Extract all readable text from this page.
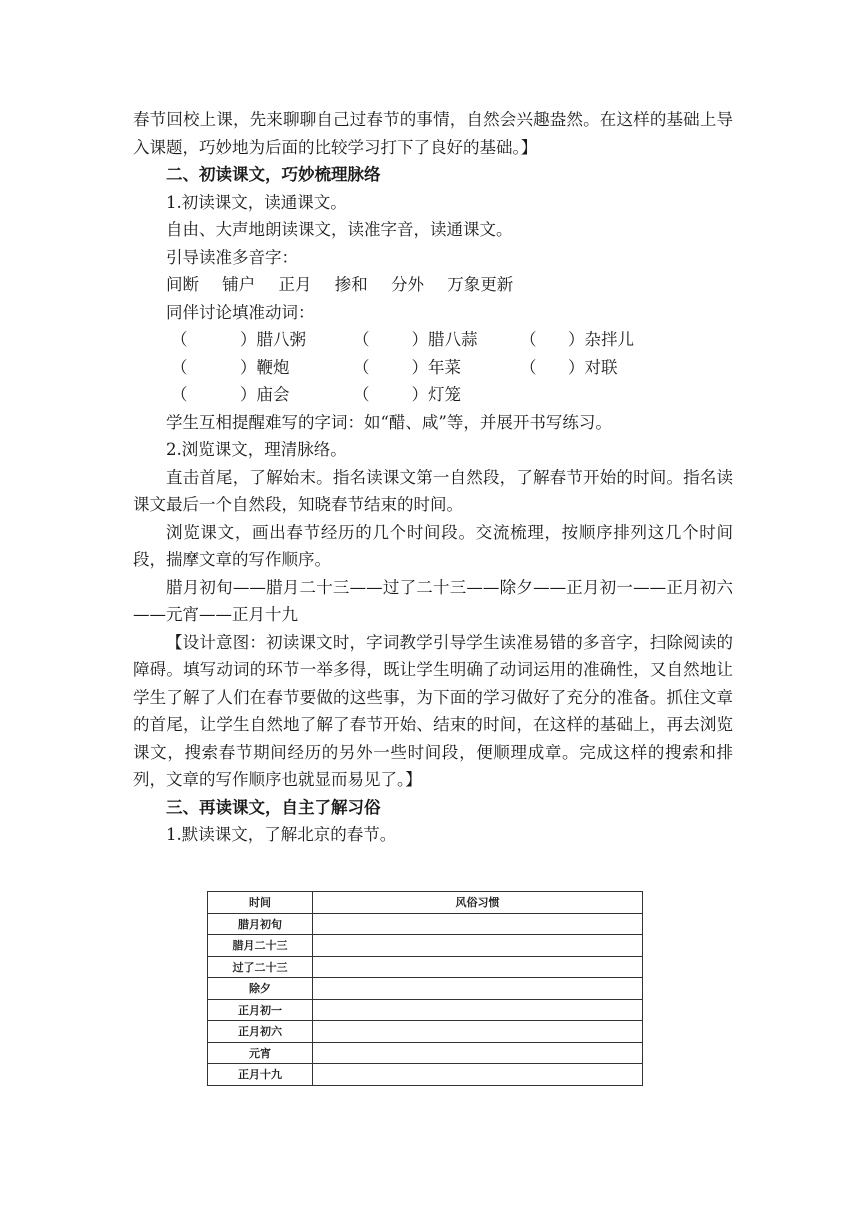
春节回校上课，先来聊聊自己过春节的事情，自然会兴趣盎然。在这样的基础上导入课题，巧妙地为后面的比较学习打下了良好的基础。】

二、初读课文，巧妙梳理脉络

1.初读课文，读通课文。

自由、大声地朗读课文，读准字音，读通课文。

引导读准多音字：

间断 铺户 正月 掺和 分外 万象更新

同伴讨论填准动词：

（	）腊八粥	（	）腊八蒜	（ ）杂拌儿
（	）鞭炮	（	）年菜	（ ）对联
（	）庙会	（	）灯笼

学生互相提醒难写的字词：如“醋、咸”等，并展开书写练习。

2.浏览课文，理清脉络。

直击首尾，了解始末。指名读课文第一自然段，了解春节开始的时间。指名读课文最后一个自然段，知晓春节结束的时间。

浏览课文，画出春节经历的几个时间段。交流梳理，按顺序排列这几个时间段，揣摩文章的写作顺序。

腊月初旬——腊月二十三——过了二十三——除夕——正月初一——正月初六——元宵——正月十九

【设计意图：初读课文时，字词教学引导学生读准易错的多音字，扫除阅读的障碍。填写动词的环节一举多得，既让学生明确了动词运用的准确性，又自然地让学生了解了人们在春节要做的这些事，为下面的学习做好了充分的准备。抓住文章的首尾，让学生自然地了解了春节开始、结束的时间，在这样的基础上，再去浏览课文，搜索春节期间经历的另外一些时间段，便顺理成章。完成这样的搜索和排列，文章的写作顺序也就显而易见了。】

三、再读课文，自主了解习俗

1.默读课文，了解北京的春节。

时间	风俗习惯
腊月初旬	
腊月二十三	
过了二十三	
除夕	
正月初一	
正月初六	
元宵	
正月十九	
